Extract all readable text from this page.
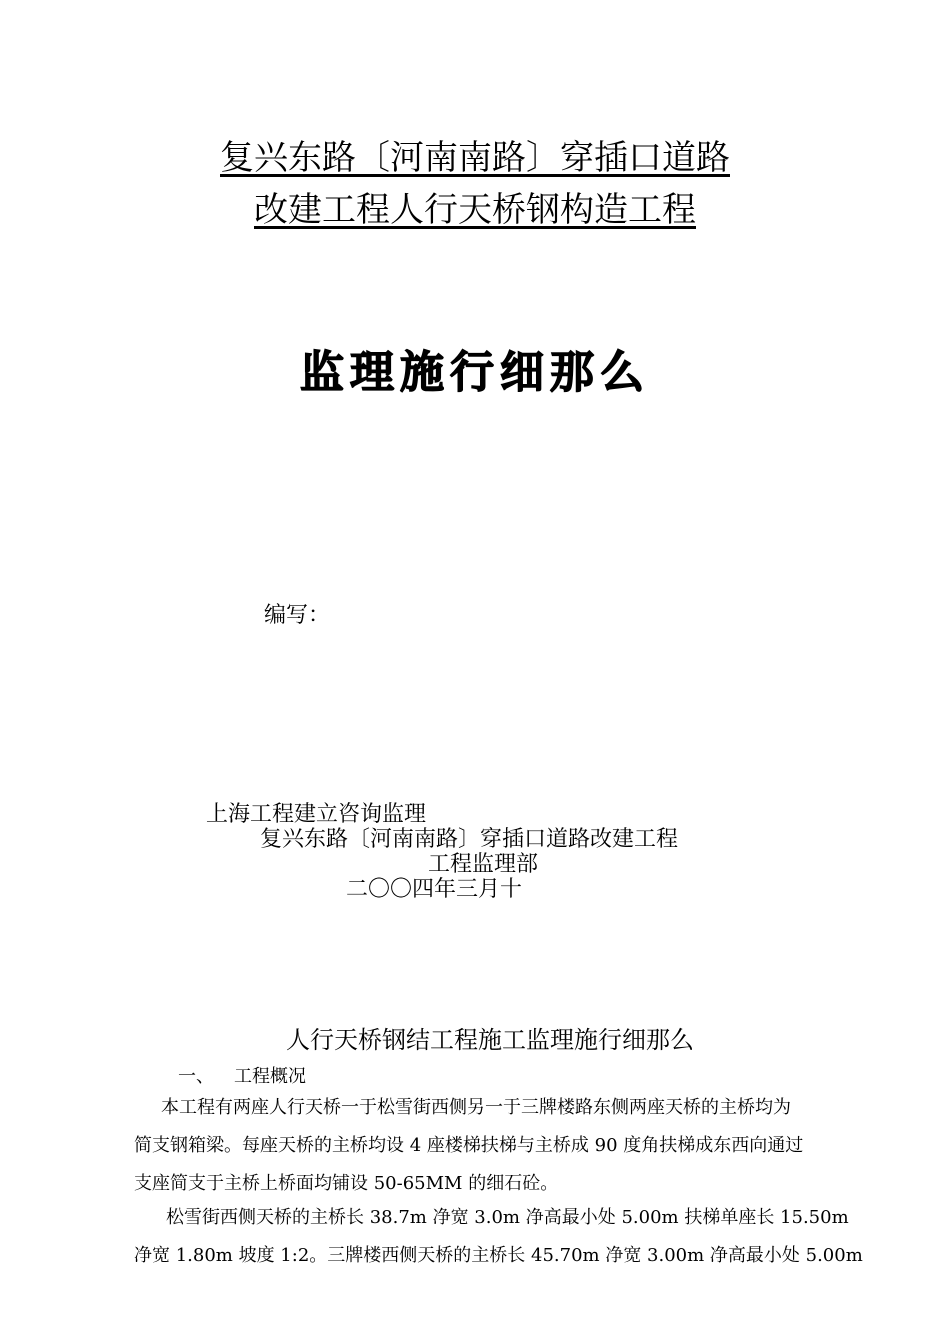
复兴东路〔河南南路〕穿插口道路
改建工程人行天桥钢构造工程
监理施行细那么
编写：
上海工程建立咨询监理
复兴东路〔河南南路〕穿插口道路改建工程
工程监理部
二〇〇四年三月十
人行天桥钢结工程施工监理施行细那么
一、 工程概况

本工程有两座人行天桥一于松雪街西侧另一于三牌楼路东侧两座天桥的主桥均为

简支钢箱梁。每座天桥的主桥均设 4 座楼梯扶梯与主桥成 90 度角扶梯成东西向通过

支座简支于主桥上桥面均铺设 50-65MM 的细石砼。

松雪街西侧天桥的主桥长 38.7m 净宽 3.0m 净高最小处 5.00m 扶梯单座长 15.50m

净宽 1.80m 坡度 1:2。三牌楼西侧天桥的主桥长 45.70m 净宽 3.00m 净高最小处 5.00m
